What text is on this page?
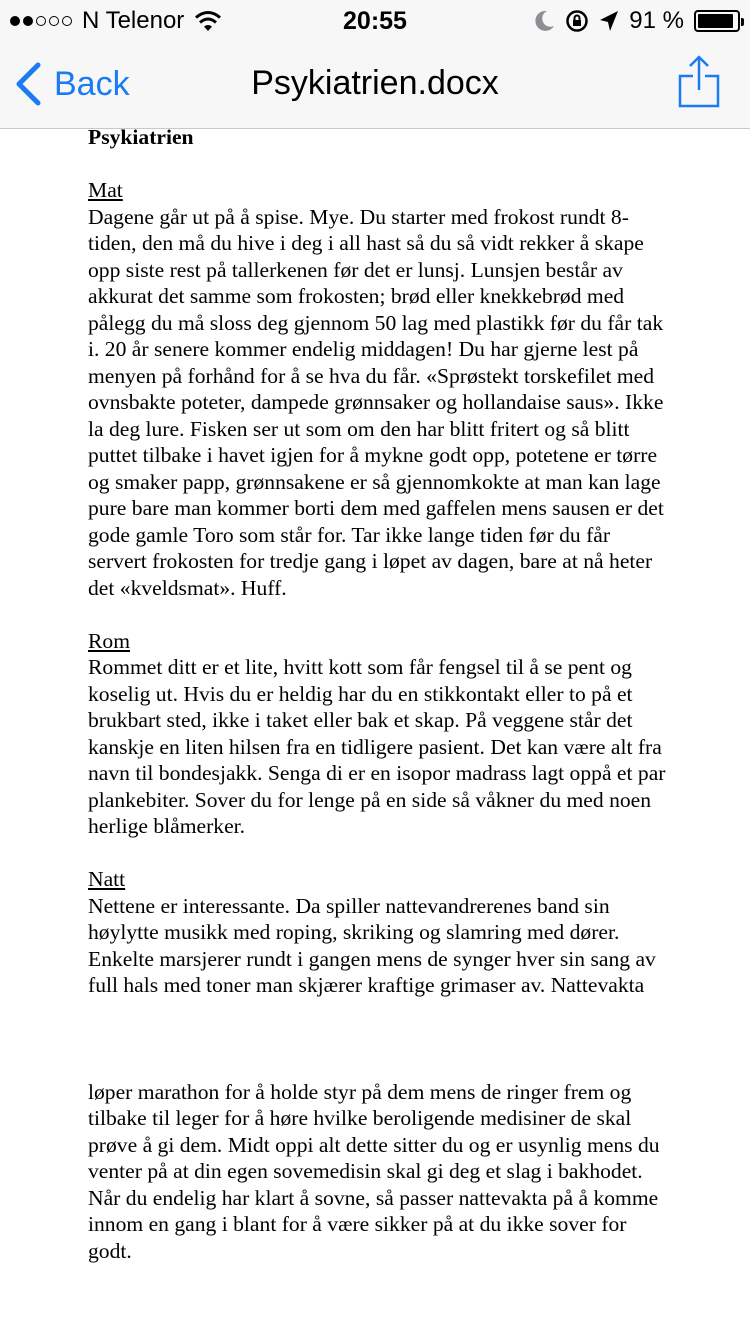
N Telenor	20:55	91 %
Back	Psykiatrien.docx

Psykiatrien

Mat

Dagene går ut på å spise. Mye. Du starter med frokost rundt 8-tiden, den må du hive i deg i all hast så du så vidt rekker å skape opp siste rest på tallerkenen før det er lunsj. Lunsjen består av akkurat det samme som frokosten; brød eller knekkebrød med pålegg du må sloss deg gjennom 50 lag med plastikk før du får tak i. 20 år senere kommer endelig middagen! Du har gjerne lest på menyen på forhånd for å se hva du får. «Sprøstekt torskefilet med ovnsbakte poteter, dampede grønnsaker og hollandaise saus». Ikke la deg lure. Fisken ser ut som om den har blitt fritert og så blitt puttet tilbake i havet igjen for å mykne godt opp, potetene er tørre og smaker papp, grønnsakene er så gjennomkokte at man kan lage pure bare man kommer borti dem med gaffelen mens sausen er det gode gamle Toro som står for. Tar ikke lange tiden før du får servert frokosten for tredje gang i løpet av dagen, bare at nå heter det «kveldsmat». Huff.

Rom

Rommet ditt er et lite, hvitt kott som får fengsel til å se pent og koselig ut. Hvis du er heldig har du en stikkontakt eller to på et brukbart sted, ikke i taket eller bak et skap. På veggene står det kanskje en liten hilsen fra en tidligere pasient. Det kan være alt fra navn til bondesjakk. Senga di er en isopor madrass lagt oppå et par plankebiter. Sover du for lenge på en side så våkner du med noen herlige blåmerker.

Natt

Nettene er interessante. Da spiller nattevandrerenes band sin høylytte musikk med roping, skriking og slamring med dører. Enkelte marsjerer rundt i gangen mens de synger hver sin sang av full hals med toner man skjærer kraftige grimaser av. Nattevakta

løper marathon for å holde styr på dem mens de ringer frem og tilbake til leger for å høre hvilke beroligende medisiner de skal prøve å gi dem. Midt oppi alt dette sitter du og er usynlig mens du venter på at din egen sovemedisin skal gi deg et slag i bakhodet. Når du endelig har klart å sovne, så passer nattevakta på å komme innom en gang i blant for å være sikker på at du ikke sover for godt.
